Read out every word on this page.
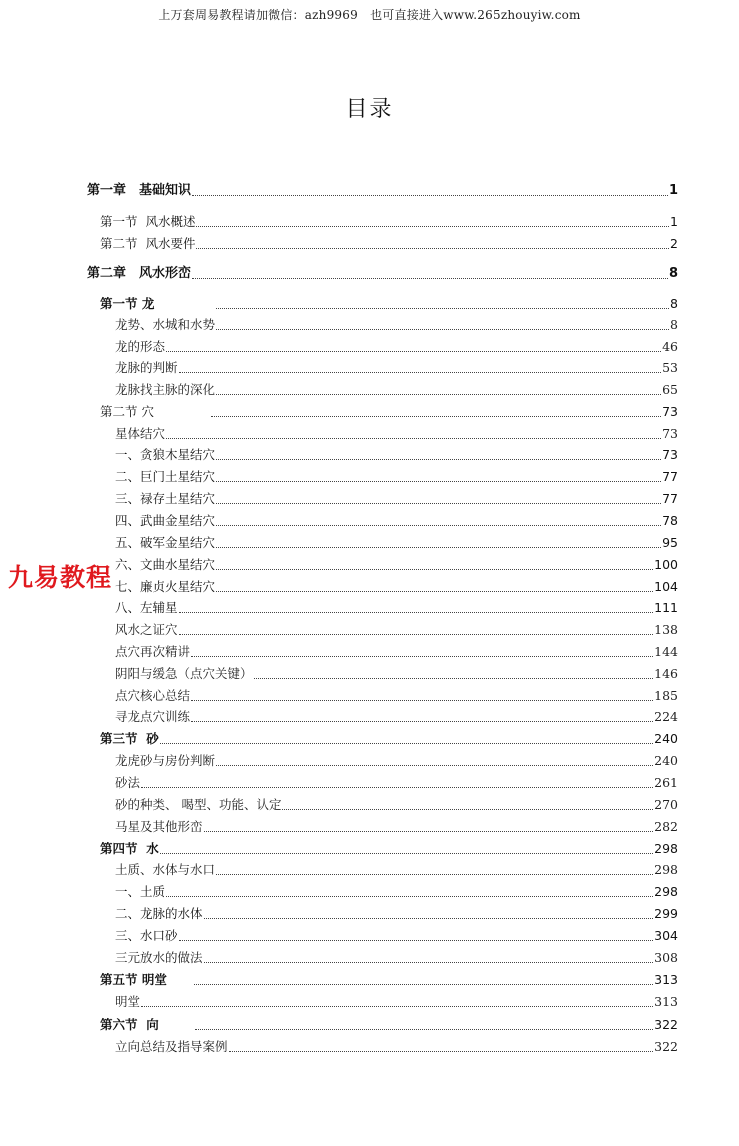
上万套周易教程请加微信：azh9969　也可直接进入www.265zhouyiw.com
目录
第一章　基础知识	1
第一节  风水概述	1
第二节  风水要件	2
第二章　风水形峦	8
第一节 龙	8
龙势、水城和水势	8
龙的形态	46
龙脉的判断	53
龙脉找主脉的深化	65
第二节 穴	73
星体结穴	73
一、贪狼木星结穴	73
二、巨门土星结穴	77
三、禄存土星结穴	77
四、武曲金星结穴	78
五、破军金星结穴	95
六、文曲水星结穴	100
七、廉贞火星结穴	104
八、左辅星	111
风水之证穴	138
点穴再次精讲	144
阴阳与缓急（点穴关键）	146
点穴核心总结	185
寻龙点穴训练	224
第三节  砂	240
龙虎砂与房份判断	240
砂法	261
砂的种类、 喝型、功能、认定	270
马星及其他形峦	282
第四节  水	298
土质、水体与水口	298
一、土质	298
二、龙脉的水体	299
三、水口砂	304
三元放水的做法	308
第五节 明堂	313
明堂	313
第六节  向	322
立向总结及指导案例	322
九易教程
